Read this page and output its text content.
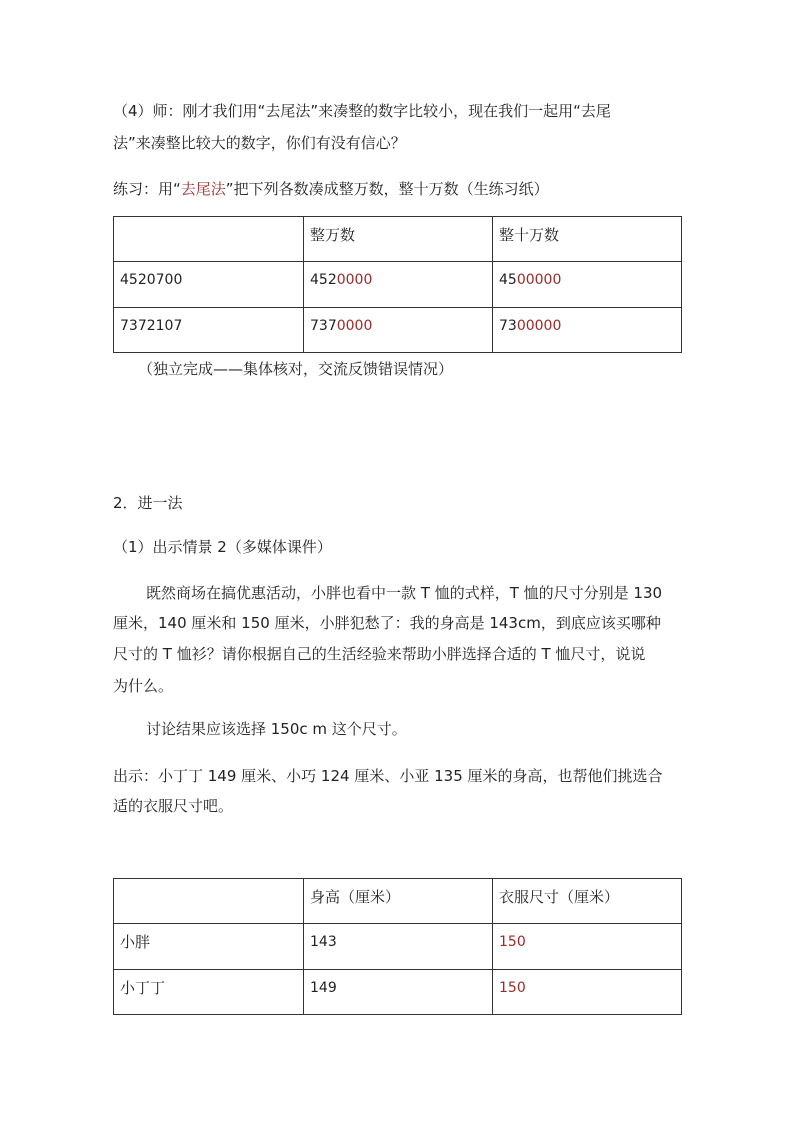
（4）师：刚才我们用“去尾法”来凑整的数字比较小，现在我们一起用“去尾
法”来凑整比较大的数字，你们有没有信心？
练习：用“去尾法”把下列各数凑成整万数，整十万数（生练习纸）
	整万数	整十万数
4520700	4520000	4500000
7372107	7370000	7300000
（独立完成——集体核对，交流反馈错误情况）
2．进一法
（1）出示情景 2（多媒体课件）
既然商场在搞优惠活动，小胖也看中一款 T 恤的式样，T 恤的尺寸分别是 130
厘米，140 厘米和 150 厘米，小胖犯愁了：我的身高是 143cm，到底应该买哪种
尺寸的 T 恤衫？请你根据自己的生活经验来帮助小胖选择合适的 T 恤尺寸，说说
为什么。
讨论结果应该选择 150c m 这个尺寸。
出示：小丁丁 149 厘米、小巧 124 厘米、小亚 135 厘米的身高，也帮他们挑选合
适的衣服尺寸吧。
	身高（厘米）	衣服尺寸（厘米）
小胖	143	150
小丁丁	149	150
